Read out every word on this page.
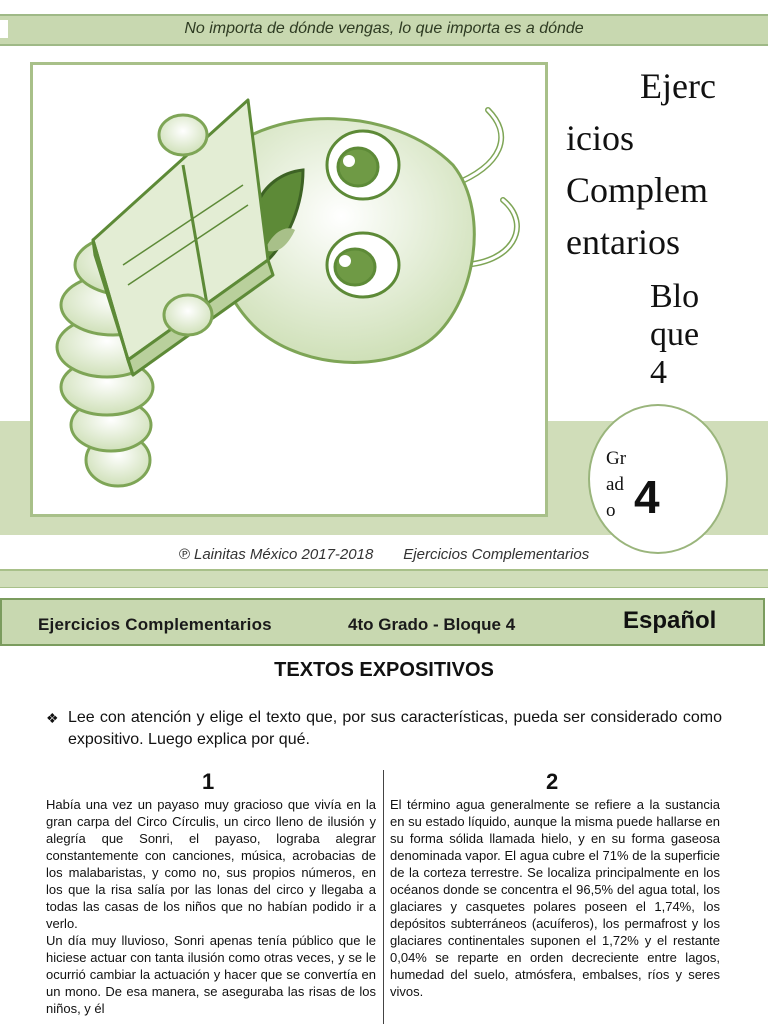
No importa de dónde vengas, lo que importa es a dónde
Ejerc
icios
Complem
entarios
Blo
que
4
Gr
ad
o 4
℗ Lainitas México 2017-2018 Ejercicios Complementarios
Ejercicios Complementarios	4to Grado - Bloque 4	Español
TEXTOS EXPOSITIVOS
❖ Lee con atención y elige el texto que, por sus características, pueda ser considerado como expositivo. Luego explica por qué.
1	2

Había una vez un payaso muy gracioso que vivía en la gran carpa del Circo Círculis, un circo lleno de ilusión y alegría que Sonri, el payaso, lograba alegrar constantemente con canciones, música, acrobacias de los malabaristas, y como no, sus propios números, en los que la risa salía por las lonas del circo y llegaba a todas las casas de los niños que no habían podido ir a verlo.

Un día muy lluvioso, Sonri apenas tenía público que le hiciese actuar con tanta ilusión como otras veces, y se le ocurrió cambiar la actuación y hacer que se convertía en un mono. De esa manera, se aseguraba las risas de los niños, y él

El término agua generalmente se refiere a la sustancia en su estado líquido, aunque la misma puede hallarse en su forma sólida llamada hielo, y en su forma gaseosa denominada vapor. El agua cubre el 71% de la superficie de la corteza terrestre. Se localiza principalmente en los océanos donde se concentra el 96,5% del agua total, los glaciares y casquetes polares poseen el 1,74%, los depósitos subterráneos (acuíferos), los permafrost y los glaciares continentales suponen el 1,72% y el restante 0,04% se reparte en orden decreciente entre lagos, humedad del suelo, atmósfera, embalses, ríos y seres vivos.
